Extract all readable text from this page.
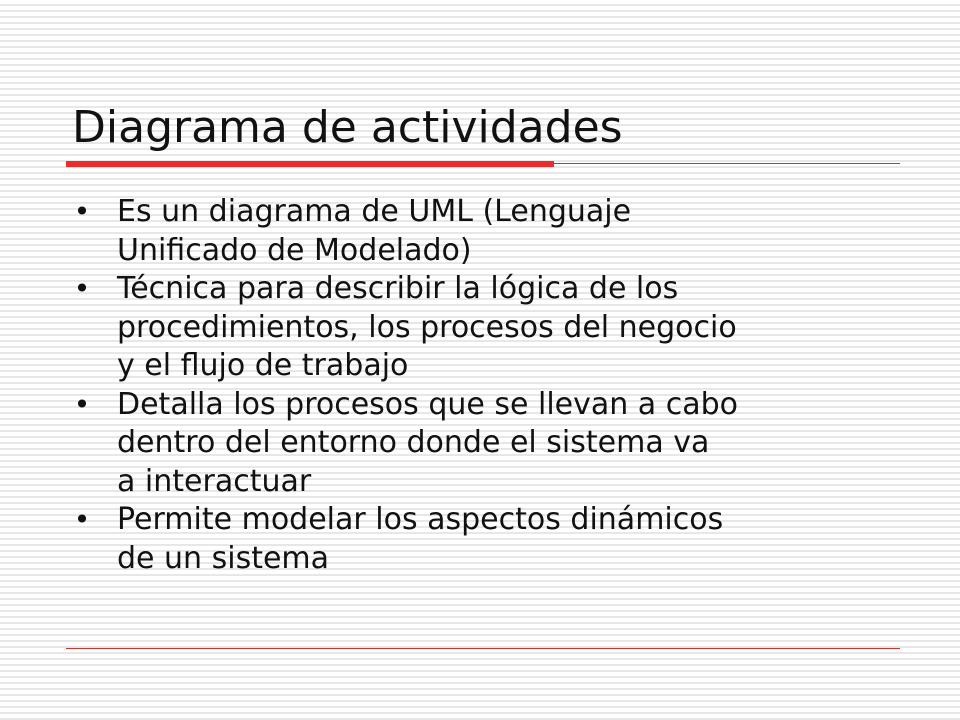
Diagrama de actividades
• Es un diagrama de UML (Lenguaje
Unificado de Modelado)
• Técnica para describir la lógica de los
procedimientos, los procesos del negocio
y el flujo de trabajo
• Detalla los procesos que se llevan a cabo
dentro del entorno donde el sistema va
a interactuar
• Permite modelar los aspectos dinámicos
de un sistema
